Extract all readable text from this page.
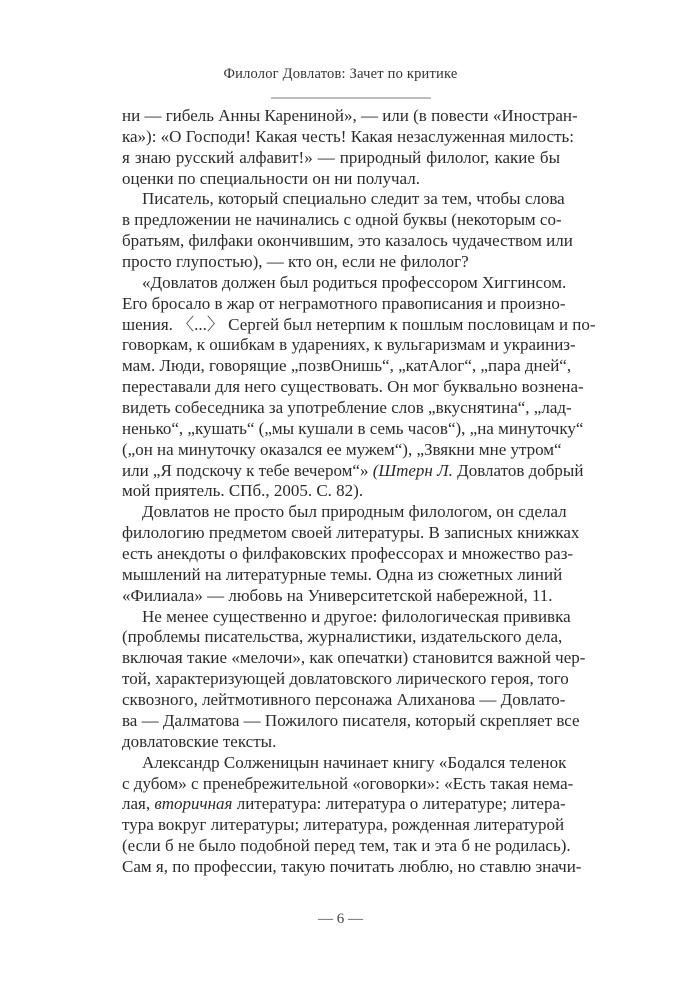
Филолог Довлатов: Зачет по критике
ни — гибель Анны Карениной», — или (в повести «Иностран-
ка»): «О Господи! Какая честь! Какая незаслуженная милость:
я знаю русский алфавит!» — природный филолог, какие бы
оценки по специальности он ни получал.
Писатель, который специально следит за тем, чтобы слова
в предложении не начинались с одной буквы (некоторым со-
братьям, филфаки окончившим, это казалось чудачеством или
просто глупостью), — кто он, если не филолог?
«Довлатов должен был родиться профессором Хиггинсом.
Его бросало в жар от неграмотного правописания и произно-
шения. 〈...〉 Сергей был нетерпим к пошлым пословицам и по-
говоркам, к ошибкам в ударениях, к вульгаризмам и украиниз-
мам. Люди, говорящие „позвОнишь“, „катАлог“, „пара дней“,
переставали для него существовать. Он мог буквально вознена-
видеть собеседника за употребление слов „вкуснятина“, „лад-
ненько“, „кушать“ („мы кушали в семь часов“), „на минуточку“
(„он на минуточку оказался ее мужем“), „Звякни мне утром“
или „Я подскочу к тебе вечером“» (Штерн Л. Довлатов добрый
мой приятель. СПб., 2005. С. 82).
Довлатов не просто был природным филологом, он сделал
филологию предметом своей литературы. В записных книжках
есть анекдоты о филфаковских профессорах и множество раз-
мышлений на литературные темы. Одна из сюжетных линий
«Филиала» — любовь на Университетской набережной, 11.
Не менее существенно и другое: филологическая прививка
(проблемы писательства, журналистики, издательского дела,
включая такие «мелочи», как опечатки) становится важной чер-
той, характеризующей довлатовского лирического героя, того
сквозного, лейтмотивного персонажа Алиханова — Довлато-
ва — Далматова — Пожилого писателя, который скрепляет все
довлатовские тексты.
Александр Солженицын начинает книгу «Бодался теленок
с дубом» с пренебрежительной «оговорки»: «Есть такая нема-
лая, вторичная литература: литература о литературе; литера-
тура вокруг литературы; литература, рожденная литературой
(если б не было подобной перед тем, так и эта б не родилась).
Сам я, по профессии, такую почитать люблю, но ставлю значи-
— 6 —
